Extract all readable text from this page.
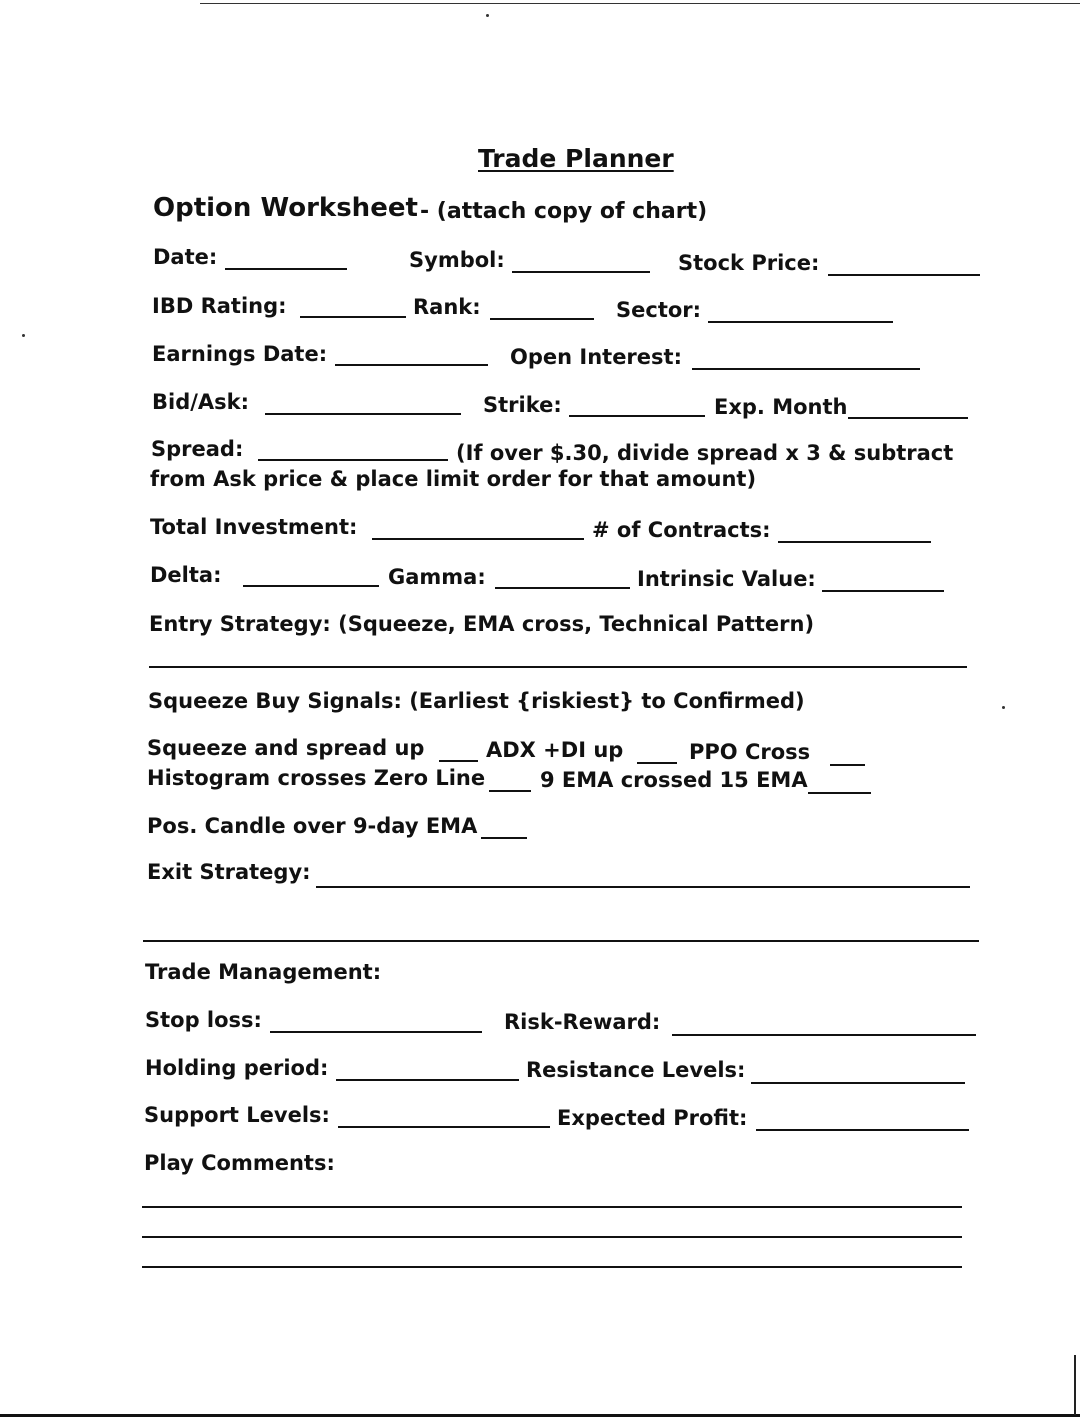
Trade Planner
Option Worksheet - (attach copy of chart)
Date:	Symbol:	Stock Price:
IBD Rating:	Rank:	Sector:
Earnings Date:	Open Interest:
Bid/Ask:	Strike:	Exp. Month
Spread:	(If over $.30, divide spread x 3 & subtract
from Ask price & place limit order for that amount)
Total Investment:	# of Contracts:
Delta:	Gamma:	Intrinsic Value:
Entry Strategy: (Squeeze, EMA cross, Technical Pattern)
Squeeze Buy Signals: (Earliest {riskiest} to Confirmed)
Squeeze and spread up	ADX +DI up	PPO Cross
Histogram crosses Zero Line	9 EMA crossed 15 EMA
Pos. Candle over 9-day EMA
Exit Strategy:
Trade Management:
Stop loss:	Risk-Reward:
Holding period:	Resistance Levels:
Support Levels:	Expected Profit:
Play Comments:
